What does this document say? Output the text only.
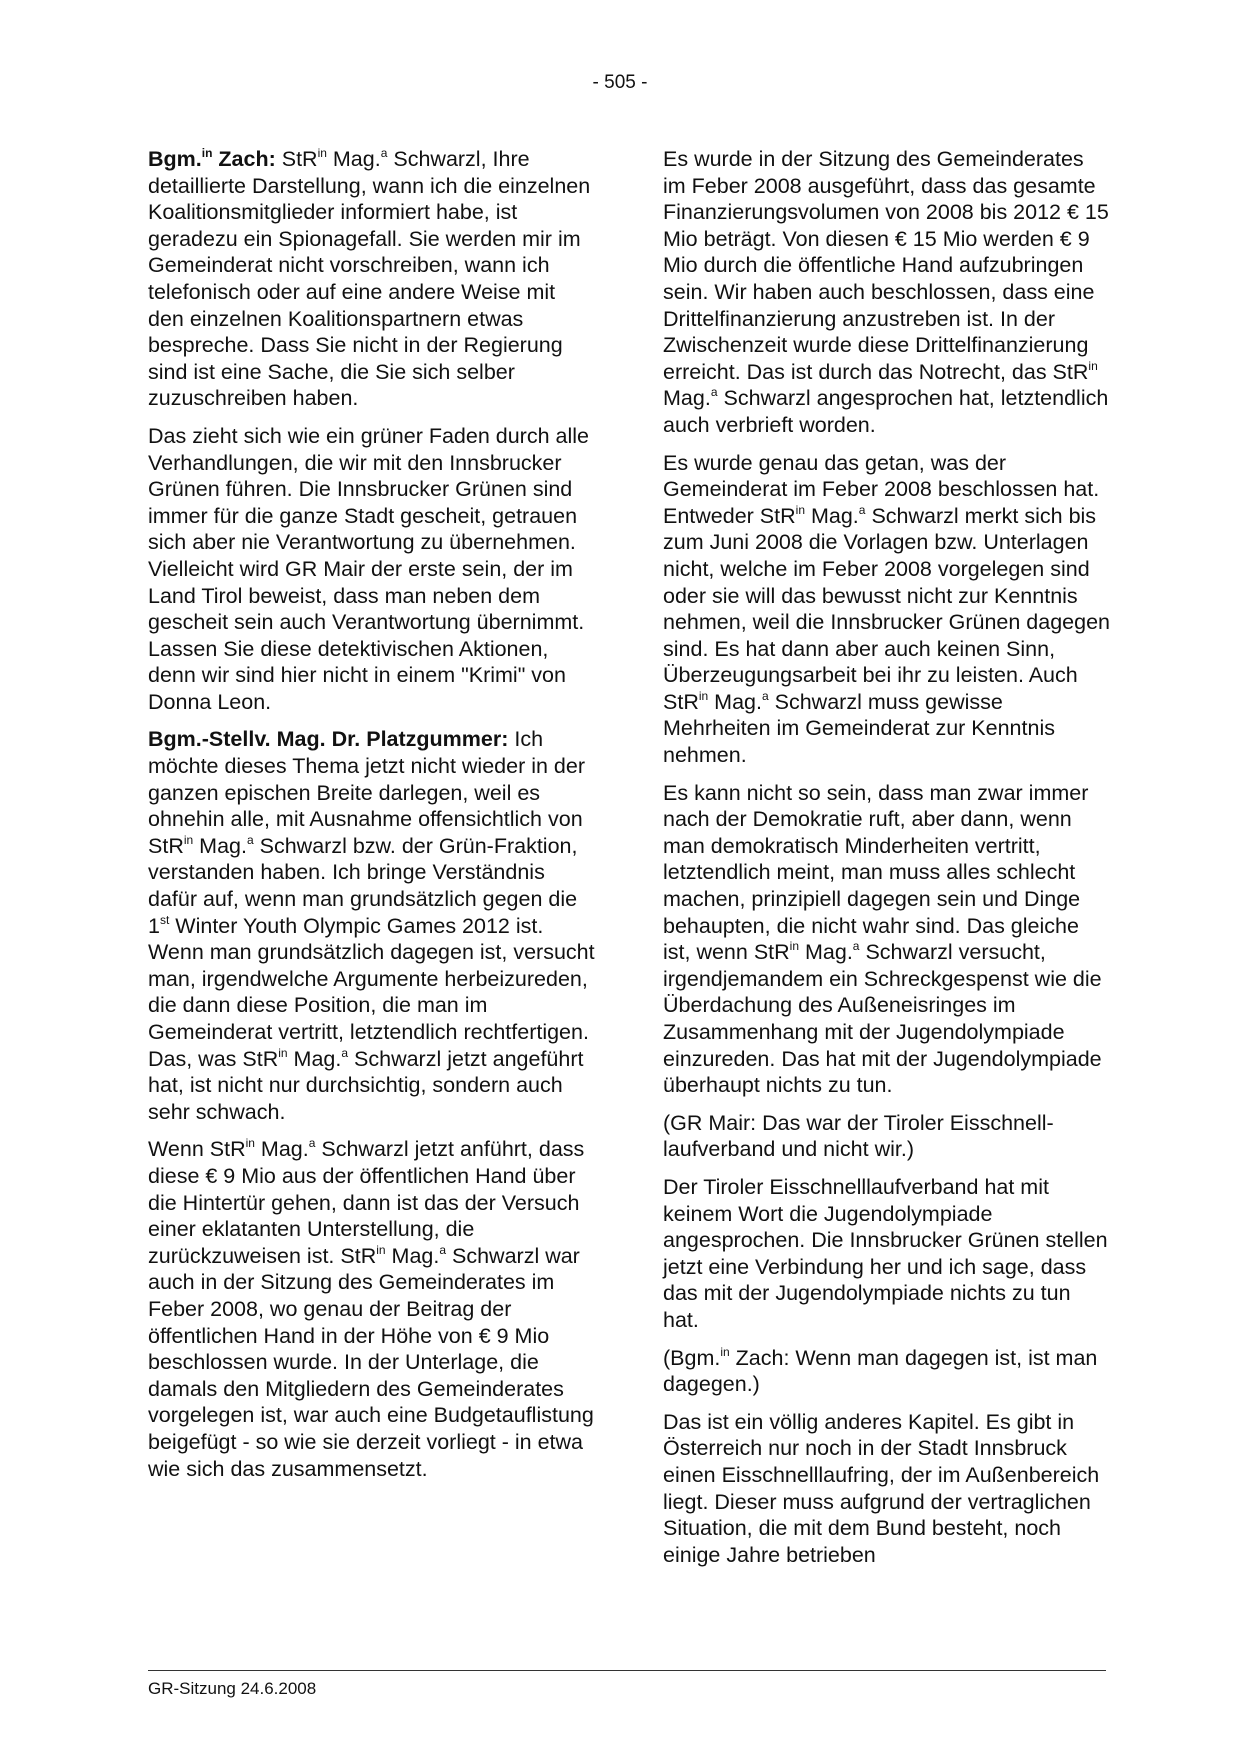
- 505 -

Bgm.$^{in}$ Zach: StR$^{in}$ Mag.$^a$ Schwarzl, Ihre detaillierte Darstellung, wann ich die einzelnen Koalitionsmitglieder informiert habe, ist geradezu ein Spionagefall. Sie werden mir im Gemeinderat nicht vorschreiben, wann ich telefonisch oder auf eine andere Weise mit den einzelnen Koalitionspartnern etwas bespreche. Dass Sie nicht in der Regierung sind ist eine Sache, die Sie sich selber zuzuschreiben haben.

Das zieht sich wie ein grüner Faden durch alle Verhandlungen, die wir mit den Innsbrucker Grünen führen. Die Innsbrucker Grünen sind immer für die ganze Stadt gescheit, getrauen sich aber nie Verantwortung zu übernehmen. Vielleicht wird GR Mair der erste sein, der im Land Tirol beweist, dass man neben dem gescheit sein auch Verantwortung übernimmt. Lassen Sie diese detektivischen Aktionen, denn wir sind hier nicht in einem "Krimi" von Donna Leon.

Bgm.-Stellv. Mag. Dr. Platzgummer: Ich möchte dieses Thema jetzt nicht wieder in der ganzen epischen Breite darlegen, weil es ohnehin alle, mit Ausnahme offensichtlich von StR$^{in}$ Mag.$^a$ Schwarzl bzw. der Grün-Fraktion, verstanden haben. Ich bringe Verständnis dafür auf, wenn man grundsätzlich gegen die 1st Winter Youth Olympic Games 2012 ist. Wenn man grundsätzlich dagegen ist, versucht man, irgendwelche Argumente herbeizureden, die dann diese Position, die man im Gemeinderat vertritt, letztendlich rechtfertigen. Das, was StR$^{in}$ Mag.$^a$ Schwarzl jetzt angeführt hat, ist nicht nur durchsichtig, sondern auch sehr schwach.

Wenn StR$^{in}$ Mag.$^a$ Schwarzl jetzt anführt, dass diese € 9 Mio aus der öffentlichen Hand über die Hintertür gehen, dann ist das der Versuch einer eklatanten Unterstellung, die zurückzuweisen ist. StR$^{in}$ Mag.$^a$ Schwarzl war auch in der Sitzung des Gemeinderates im Feber 2008, wo genau der Beitrag der öffentlichen Hand in der Höhe von € 9 Mio beschlossen wurde. In der Unterlage, die damals den Mitgliedern des Gemeinderates vorgelegen ist, war auch eine Budgetauflistung beigefügt - so wie sie derzeit vorliegt - in etwa wie sich das zusammensetzt.

Es wurde in der Sitzung des Gemeinderates im Feber 2008 ausgeführt, dass das gesamte Finanzierungsvolumen von 2008 bis 2012 € 15 Mio beträgt. Von diesen € 15 Mio werden € 9 Mio durch die öffentliche Hand aufzubringen sein. Wir haben auch beschlossen, dass eine Drittelfinanzierung anzustreben ist. In der Zwischenzeit wurde diese Drittelfinanzierung erreicht. Das ist durch das Notrecht, das StR$^{in}$ Mag.$^a$ Schwarzl angesprochen hat, letztendlich auch verbrieft worden.

Es wurde genau das getan, was der Gemeinderat im Feber 2008 beschlossen hat. Entweder StR$^{in}$ Mag.$^a$ Schwarzl merkt sich bis zum Juni 2008 die Vorlagen bzw. Unterlagen nicht, welche im Feber 2008 vorgelegen sind oder sie will das bewusst nicht zur Kenntnis nehmen, weil die Innsbrucker Grünen dagegen sind. Es hat dann aber auch keinen Sinn, Überzeugungsarbeit bei ihr zu leisten. Auch StR$^{in}$ Mag.$^a$ Schwarzl muss gewisse Mehrheiten im Gemeinderat zur Kenntnis nehmen.

Es kann nicht so sein, dass man zwar immer nach der Demokratie ruft, aber dann, wenn man demokratisch Minderheiten vertritt, letztendlich meint, man muss alles schlecht machen, prinzipiell dagegen sein und Dinge behaupten, die nicht wahr sind. Das gleiche ist, wenn StR$^{in}$ Mag.$^a$ Schwarzl versucht, irgendjemandem ein Schreckgespenst wie die Überdachung des Außeneisringes im Zusammenhang mit der Jugendolympiade einzureden. Das hat mit der Jugendolympiade überhaupt nichts zu tun.

(GR Mair: Das war der Tiroler Eisschnelllaufverband und nicht wir.)

Der Tiroler Eisschnelllaufverband hat mit keinem Wort die Jugendolympiade angesprochen. Die Innsbrucker Grünen stellen jetzt eine Verbindung her und ich sage, dass das mit der Jugendolympiade nichts zu tun hat.

(Bgm.$^{in}$ Zach: Wenn man dagegen ist, ist man dagegen.)

Das ist ein völlig anderes Kapitel. Es gibt in Österreich nur noch in der Stadt Innsbruck einen Eisschnelllaufring, der im Außenbereich liegt. Dieser muss aufgrund der vertraglichen Situation, die mit dem Bund besteht, noch einige Jahre betrieben

GR-Sitzung 24.6.2008
